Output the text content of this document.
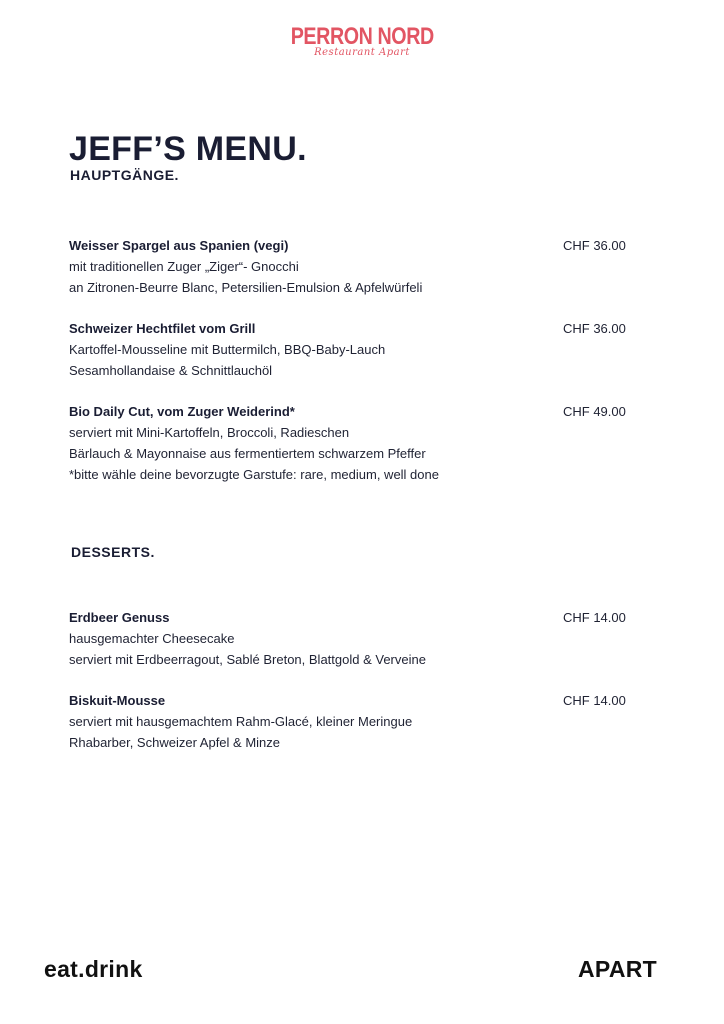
PERRON NORD
Restaurant Apart
JEFF’S MENU.
HAUPTGÄNGE.
Weisser Spargel aus Spanien (vegi)	CHF 36.00
mit traditionellen Zuger „Ziger“- Gnocchi
an Zitronen-Beurre Blanc, Petersilien-Emulsion & Apfelwürfeli
Schweizer Hechtfilet vom Grill	CHF 36.00
Kartoffel-Mousseline mit Buttermilch, BBQ-Baby-Lauch
Sesamhollandaise & Schnittlauchöl
Bio Daily Cut, vom Zuger Weiderind*	CHF 49.00
serviert mit Mini-Kartoffeln, Broccoli, Radieschen
Bärlauch & Mayonnaise aus fermentiertem schwarzem Pfeffer
*bitte wähle deine bevorzugte Garstufe: rare, medium, well done
DESSERTS.
Erdbeer Genuss	CHF 14.00
hausgemachter Cheesecake
serviert mit Erdbeerragout, Sablé Breton, Blattgold & Verveine
Biskuit-Mousse	CHF 14.00
serviert mit hausgemachtem Rahm-Glacé, kleiner Meringue
Rhabarber, Schweizer Apfel & Minze
eat.drink	APART
